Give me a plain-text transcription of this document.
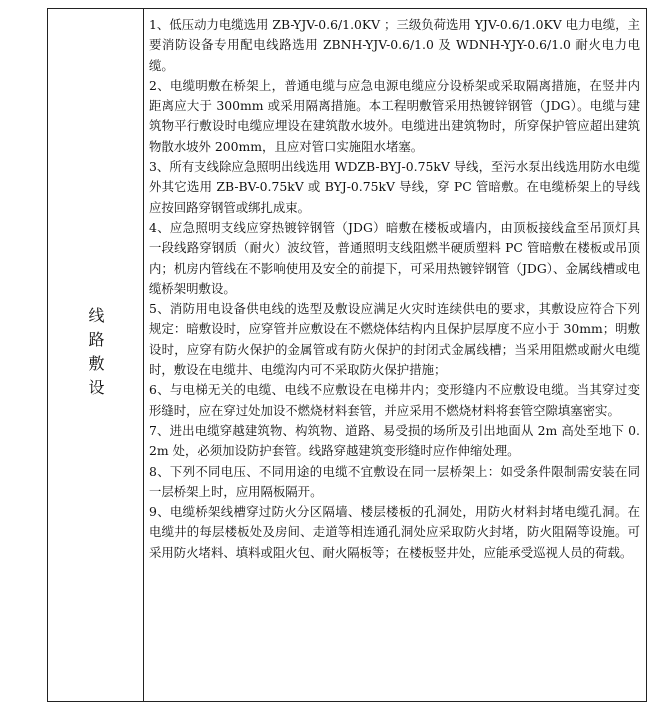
线路敷设

1、低压动力电缆选用 ZB-YJV-0.6/1.0KV ；三级负荷选用 YJV-0.6/1.0KV 电力电缆，主要消防设备专用配电线路选用 ZBNH-YJV-0.6/1.0 及 WDNH-YJY-0.6/1.0 耐火电力电缆。

2、电缆明敷在桥架上，普通电缆与应急电源电缆应分设桥架或采取隔离措施，在竖井内距离应大于 300mm 或采用隔离措施。本工程明敷管采用热镀锌钢管（JDG）。电缆与建筑物平行敷设时电缆应埋设在建筑散水坡外。电缆进出建筑物时，所穿保护管应超出建筑物散水坡外 200mm，且应对管口实施阻水堵塞。

3、所有支线除应急照明出线选用 WDZB-BYJ-0.75kV 导线，至污水泵出线选用防水电缆外其它选用 ZB-BV-0.75kV 或 BYJ-0.75kV 导线，穿 PC 管暗敷。在电缆桥架上的导线应按回路穿钢管或绑扎成束。

4、应急照明支线应穿热镀锌钢管（JDG）暗敷在楼板或墙内，由顶板接线盒至吊顶灯具一段线路穿钢质（耐火）波纹管，普通照明支线阻燃半硬质塑料 PC 管暗敷在楼板或吊顶内；机房内管线在不影响使用及安全的前提下，可采用热镀锌钢管（JDG）、金属线槽或电缆桥架明敷设。

5、消防用电设备供电线的选型及敷设应满足火灾时连续供电的要求，其敷设应符合下列规定：暗敷设时，应穿管并应敷设在不燃烧体结构内且保护层厚度不应小于 30mm；明敷设时，应穿有防火保护的金属管或有防火保护的封闭式金属线槽；当采用阻燃或耐火电缆时，敷设在电缆井、电缆沟内可不采取防火保护措施；

6、与电梯无关的电缆、电线不应敷设在电梯井内；变形缝内不应敷设电缆。当其穿过变形缝时，应在穿过处加设不燃烧材料套管，并应采用不燃烧材料将套管空隙填塞密实。

7、进出电缆穿越建筑物、构筑物、道路、易受损的场所及引出地面从 2m 高处至地下 0.2m 处，必须加设防护套管。线路穿越建筑变形缝时应作伸缩处理。

8、下列不同电压、不同用途的电缆不宜敷设在同一层桥架上：如受条件限制需安装在同一层桥架上时，应用隔板隔开。

9、电缆桥架线槽穿过防火分区隔墙、楼层楼板的孔洞处，用防火材料封堵电缆孔洞。在电缆井的每层楼板处及房间、走道等相连通孔洞处应采取防火封堵，防火阻隔等设施。可采用防火堵料、填料或阻火包、耐火隔板等；在楼板竖井处，应能承受巡视人员的荷载。
